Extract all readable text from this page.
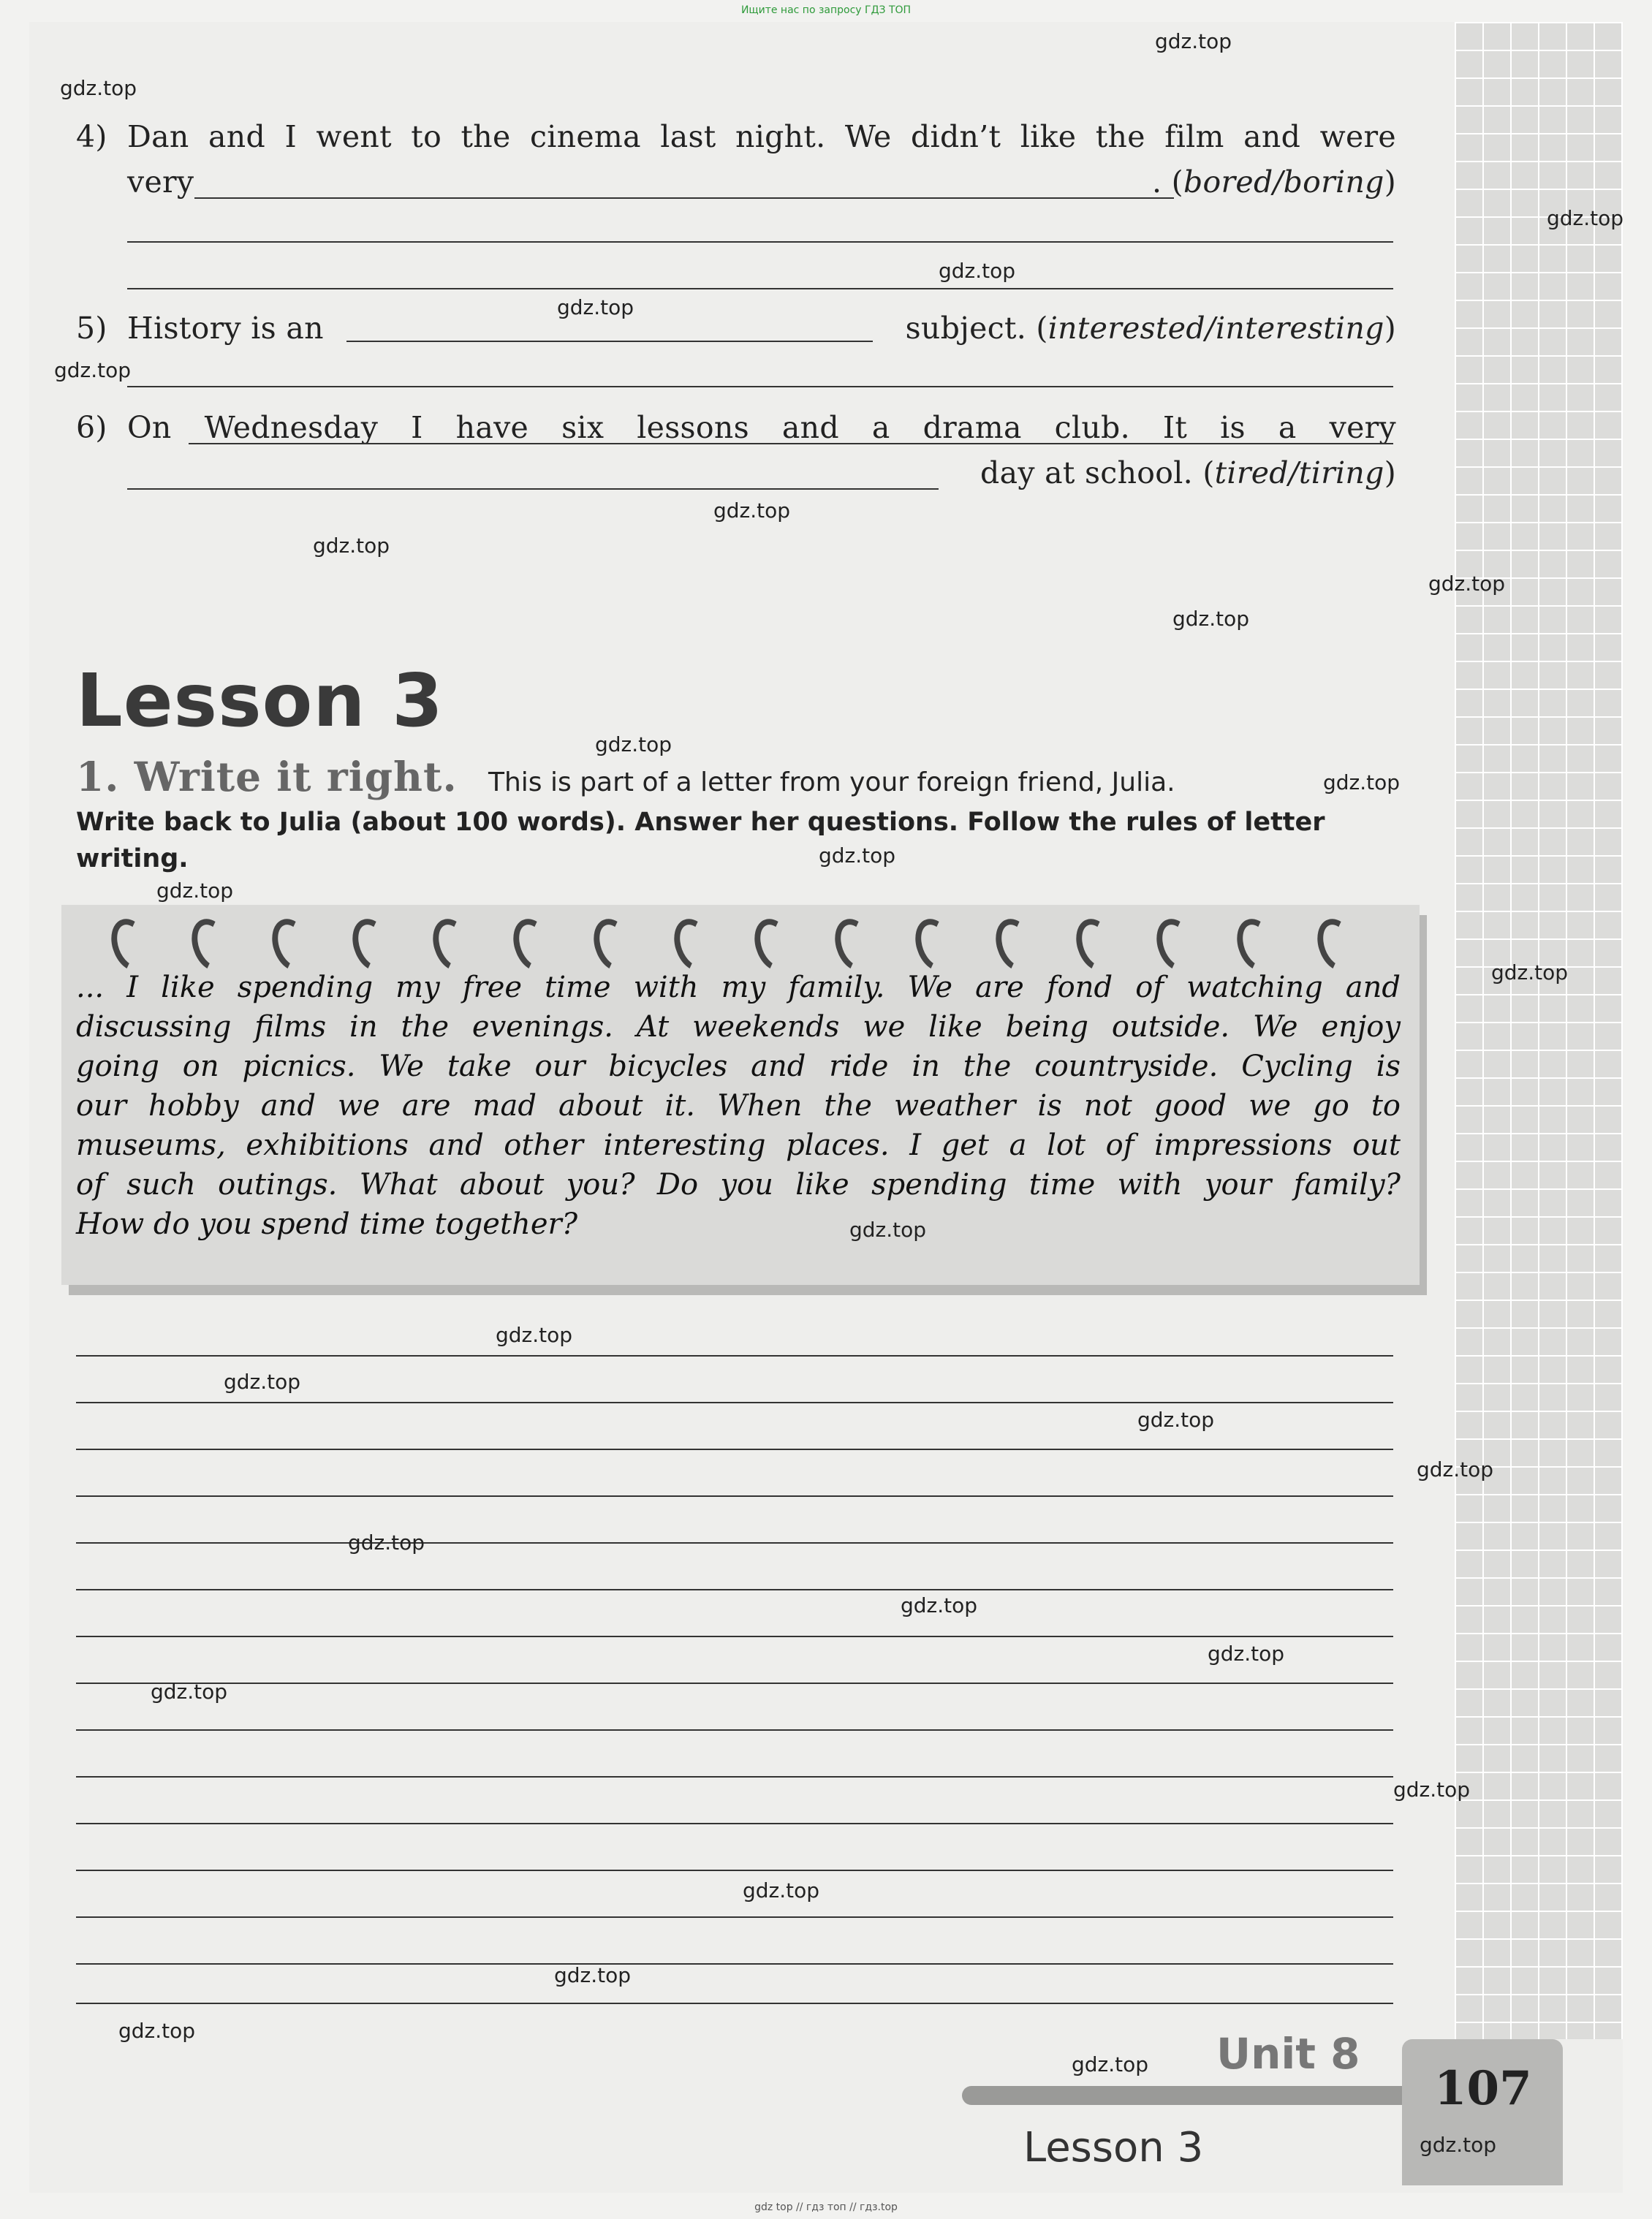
Ищите нас по запросу ГДЗ ТОП
4) Dan and I went to the cinema last night. We didn’t like the film and were
very	. (bored/boring)
5) History is an	subject. (interested/interesting)
6) On Wednesday I have six lessons and a drama club. It is a very
day at school. (tired/tiring)
Lesson 3
1. Write it right. This is part of a letter from your foreign friend, Julia.
Write back to Julia (about 100 words). Answer her questions. Follow the rules of letter writing.
... I like spending my free time with my family. We are fond of watching and
discussing films in the evenings. At weekends we like being outside. We enjoy
going on picnics. We take our bicycles and ride in the countryside. Cycling is
our hobby and we are mad about it. When the weather is not good we go to
museums, exhibitions and other interesting places. I get a lot of impressions out
of such outings. What about you? Do you like spending time with your family?
How do you spend time together?
Unit 8
Lesson 3
107
gdz.top
gdz.top
gdz.top
gdz.top
gdz.top
gdz.top
gdz.top
gdz.top
gdz.top
gdz.top
gdz.top
gdz.top
gdz.top
gdz.top
gdz.top
gdz.top
gdz.top
gdz.top
gdz.top
gdz.top
gdz.top
gdz.top
gdz.top
gdz.top
gdz.top
gdz.top
gdz.top
gdz.top
gdz.top
gdz.top
gdz top // гдз топ // гдз.top
